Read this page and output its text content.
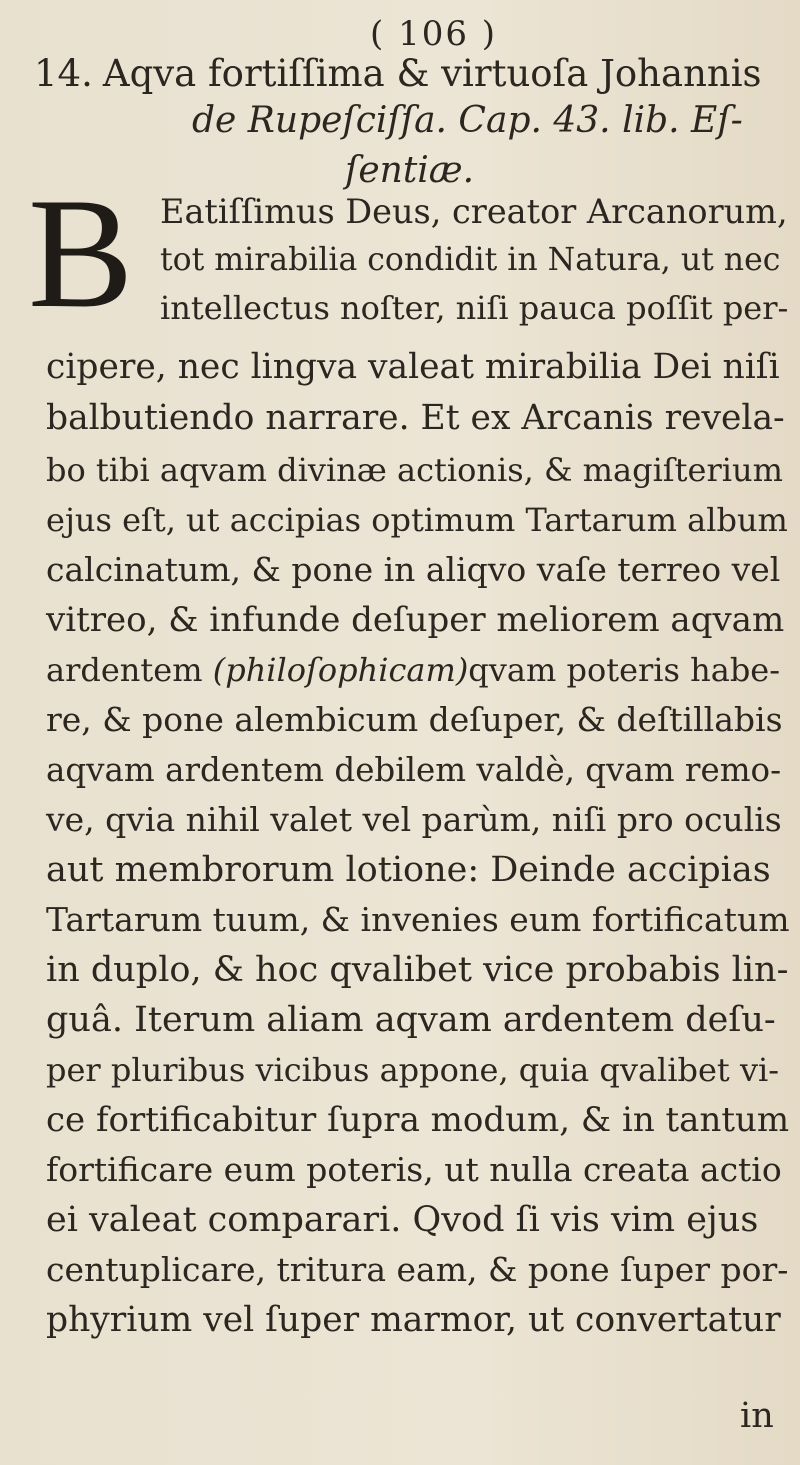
( 106 )
14. Aqva fortiſſima & virtuoſa Johannis
de Rupeſciſſa. Cap. 43. lib. Eſ-
ſentiæ.
B Eatiſſimus Deus, creator Arcanorum,
tot mirabilia condidit in Natura, ut nec
intellectus noſter, niſi pauca poſſit per-
cipere, nec lingva valeat mirabilia Dei niſi
balbutiendo narrare. Et ex Arcanis revela-
bo tibi aqvam divinæ actionis, & magiſterium
ejus eſt, ut accipias optimum Tartarum album
calcinatum, & pone in aliqvo vaſe terreo vel
vitreo, & infunde deſuper meliorem aqvam
ardentem (philoſophicam)qvam poteris habe-
re, & pone alembicum deſuper, & deſtillabis
aqvam ardentem debilem valdè, qvam remo-
ve, qvia nihil valet vel parùm, niſi pro oculis
aut membrorum lotione: Deinde accipias
Tartarum tuum, & invenies eum fortificatum
in duplo, & hoc qvalibet vice probabis lin-
guâ. Iterum aliam aqvam ardentem deſu-
per pluribus vicibus appone, quia qvalibet vi-
ce fortificabitur ſupra modum, & in tantum
fortificare eum poteris, ut nulla creata actio
ei valeat comparari. Qvod ſi vis vim ejus
centuplicare, tritura eam, & pone ſuper por-
phyrium vel ſuper marmor, ut convertatur
in
